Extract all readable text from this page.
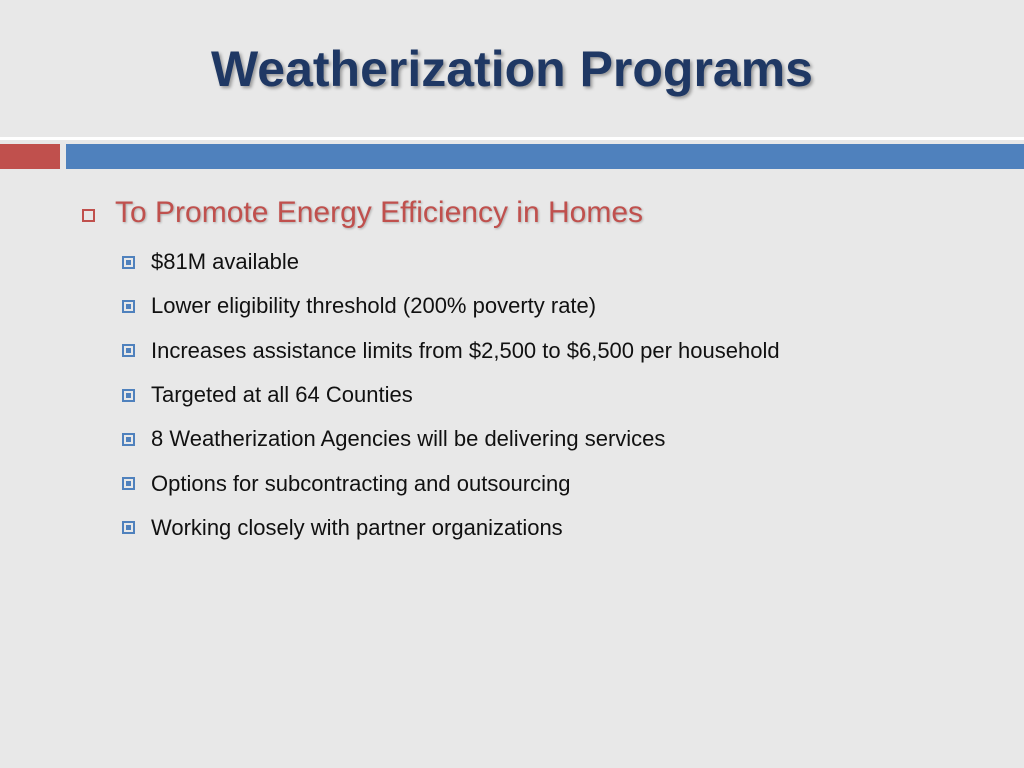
Weatherization Programs
To Promote Energy Efficiency in Homes
$81M available
Lower eligibility threshold (200% poverty rate)
Increases assistance limits from $2,500 to $6,500 per household
Targeted at all 64 Counties
8 Weatherization Agencies will be delivering services
Options for subcontracting and outsourcing
Working closely with partner organizations
